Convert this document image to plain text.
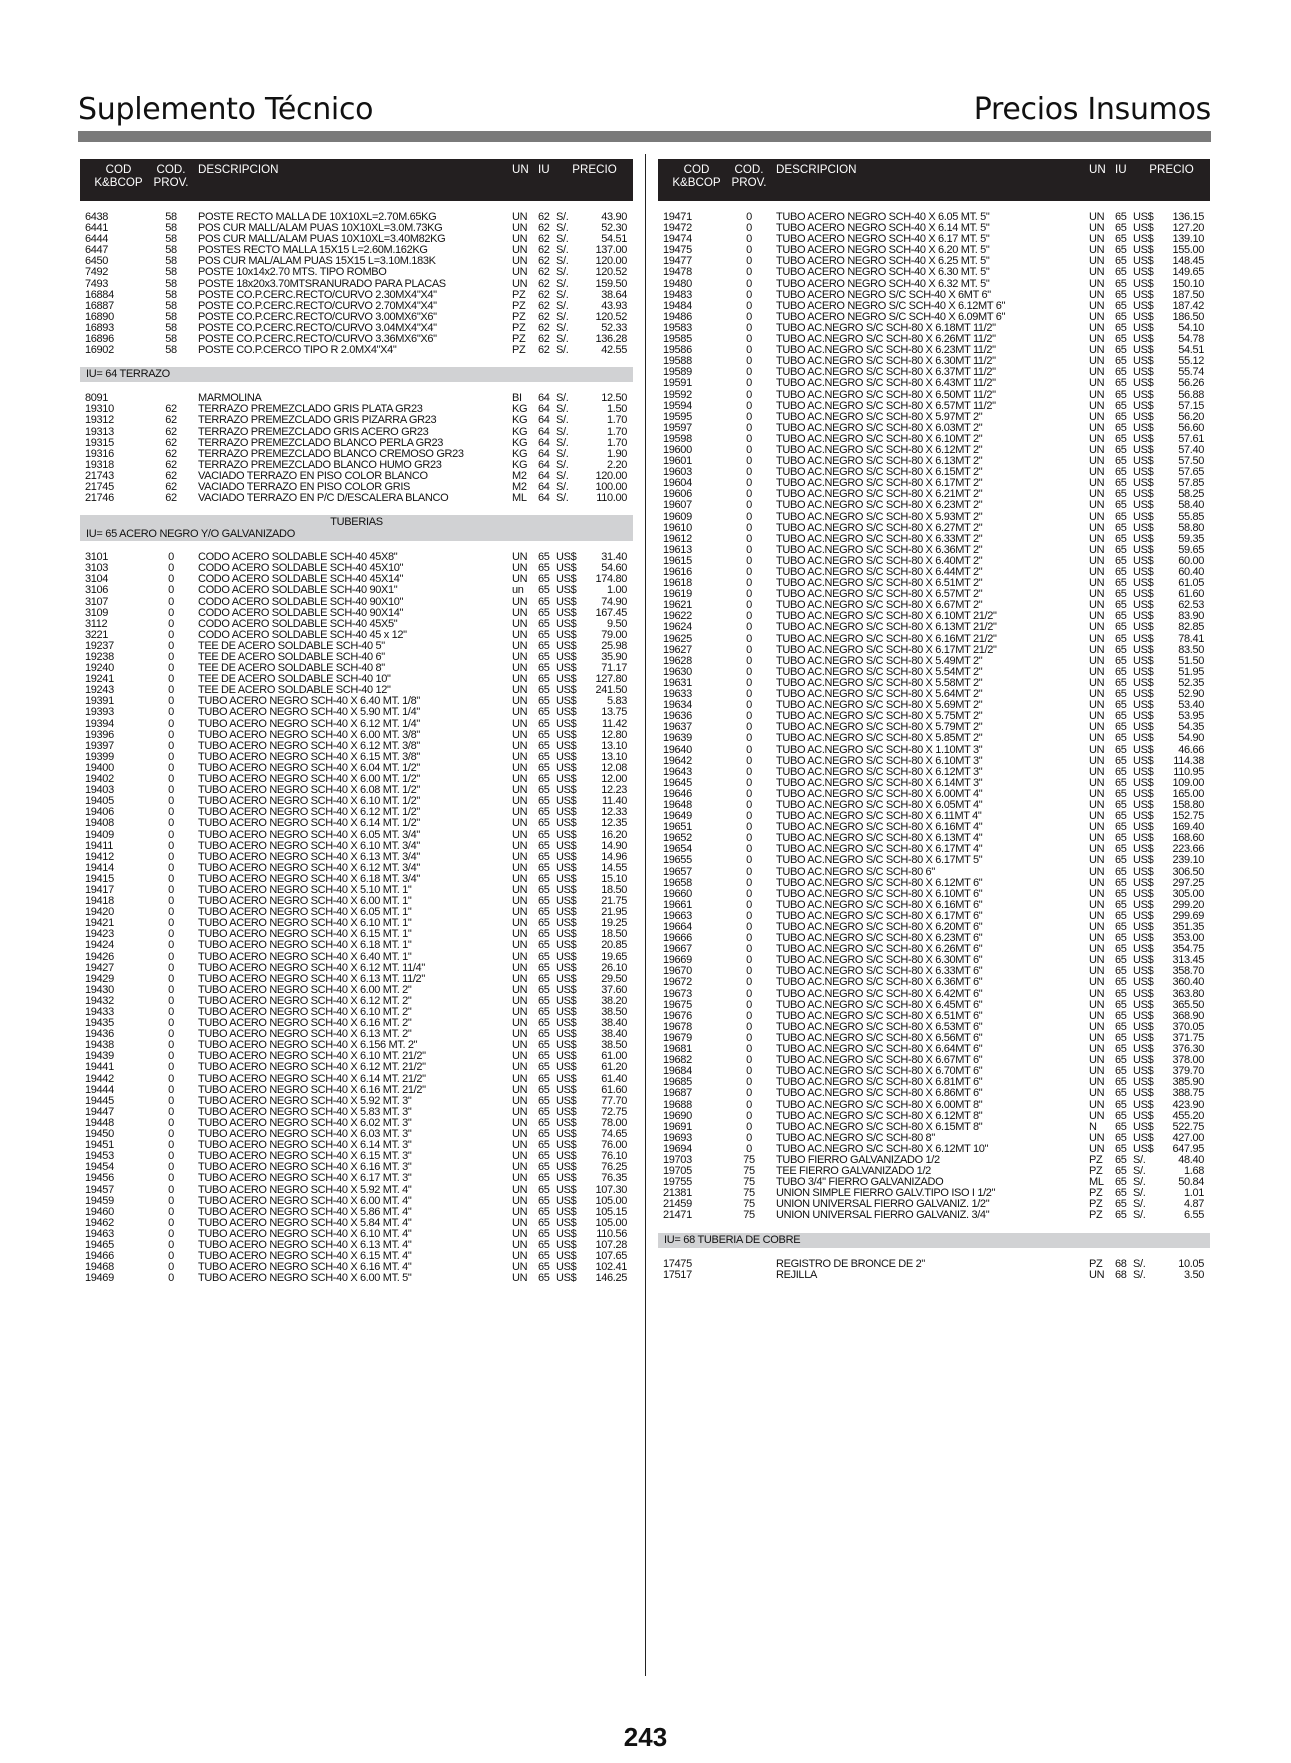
Suplemento Técnico	Precios Insumos
COD
K&BCOP
COD.
PROV.
DESCRIPCION	UN IU	PRECIO
6438	58	POSTE RECTO MALLA DE 10X10XL=2.70M.65KG	UN 62 S/.	43.90
6441	58	POS CUR MALL/ALAM PUAS 10X10XL=3.0M.73KG	UN 62 S/.	52.30
6444	58	POS CUR MALL/ALAM PUAS 10X10XL=3.40M82KG	UN 62 S/.	54.51
6447	58	POSTES RECTO MALLA 15X15 L=2.60M.162KG	UN 62 S/.	137.00
6450	58	POS CUR MAL/ALAM PUAS 15X15 L=3.10M.183K	UN 62 S/.	120.00
7492	58	POSTE 10x14x2.70 MTS. TIPO ROMBO	UN 62 S/.	120.52
7493	58	POSTE 18x20x3.70MTSRANURADO PARA PLACAS	UN 62 S/.	159.50
16884	58	POSTE CO.P.CERC.RECTO/CURVO 2.30MX4"X4"	PZ	62 S/.	38.64
16887	58	POSTE CO.P.CERC.RECTO/CURVO 2.70MX4"X4"	PZ	62 S/.	43.93
16890	58	POSTE CO.P.CERC.RECTO/CURVO 3.00MX6"X6"	PZ	62 S/.	120.52
16893	58	POSTE CO.P.CERC.RECTO/CURVO 3.04MX4"X4"	PZ	62 S/.	52.33
16896	58	POSTE CO.P.CERC.RECTO/CURVO 3.36MX6"X6"	PZ	62 S/.	136.28
16902	58	POSTE CO.P.CERCO TIPO R 2.0MX4"X4"	PZ	62 S/.	42.55
IU= 64 TERRAZO
8091	MARMOLINA	BI	64 S/.	12.50
19310	62	TERRAZO PREMEZCLADO GRIS PLATA GR23	KG 64 S/.	1.50
19312	62	TERRAZO PREMEZCLADO GRIS PIZARRA GR23	KG 64 S/.	1.70
19313	62	TERRAZO PREMEZCLADO GRIS ACERO GR23	KG 64 S/.	1.70
19315	62	TERRAZO PREMEZCLADO BLANCO PERLA GR23	KG 64 S/.	1.70
19316	62	TERRAZO PREMEZCLADO BLANCO CREMOSO GR23	KG 64 S/.	1.90
19318	62	TERRAZO PREMEZCLADO BLANCO HUMO GR23	KG 64 S/.	2.20
21743	62	VACIADO TERRAZO EN PISO COLOR BLANCO	M2	64 S/.	120.00
21745	62	VACIADO TERRAZO EN PISO COLOR GRIS	M2	64 S/.	100.00
21746	62	VACIADO TERRAZO EN P/C D/ESCALERA BLANCO	ML	64 S/.	110.00
TUBERIAS
IU= 65 ACERO NEGRO Y/O GALVANIZADO
3101	0	CODO ACERO SOLDABLE SCH-40 45X8"	UN 65 US$	31.40
3103	0	CODO ACERO SOLDABLE SCH-40 45X10"	UN 65 US$	54.60
3104	0	CODO ACERO SOLDABLE SCH-40 45X14"	UN 65 US$	174.80
3106	0	CODO ACERO SOLDABLE SCH-40 90X1"	un	65 US$	1.00
3107	0	CODO ACERO SOLDABLE SCH-40 90X10"	UN 65 US$	74.90
3109	0	CODO ACERO SOLDABLE SCH-40 90X14"	UN 65 US$	167.45
3112	0	CODO ACERO SOLDABLE SCH-40 45X5"	UN 65 US$	9.50
3221	0	CODO ACERO SOLDABLE SCH-40 45 x 12"	UN 65 US$	79.00
19237	0	TEE DE ACERO SOLDABLE SCH-40 5"	UN 65 US$	25.98
19238	0	TEE DE ACERO SOLDABLE SCH-40 6"	UN 65 US$	35.90
19240	0	TEE DE ACERO SOLDABLE SCH-40 8"	UN 65 US$	71.17
19241	0	TEE DE ACERO SOLDABLE SCH-40 10"	UN 65 US$	127.80
19243	0	TEE DE ACERO SOLDABLE SCH-40 12"	UN 65 US$	241.50
19391	0	TUBO ACERO NEGRO SCH-40 X 6.40 MT. 1/8"	UN 65 US$	5.83
19393	0	TUBO ACERO NEGRO SCH-40 X 5.90 MT. 1/4"	UN 65 US$	13.75
19394	0	TUBO ACERO NEGRO SCH-40 X 6.12 MT. 1/4"	UN 65 US$	11.42
19396	0	TUBO ACERO NEGRO SCH-40 X 6.00 MT. 3/8"	UN 65 US$	12.80
19397	0	TUBO ACERO NEGRO SCH-40 X 6.12 MT. 3/8"	UN 65 US$	13.10
19399	0	TUBO ACERO NEGRO SCH-40 X 6.15 MT. 3/8"	UN 65 US$	13.10
19400	0	TUBO ACERO NEGRO SCH-40 X 6.04 MT. 1/2"	UN 65 US$	12.08
19402	0	TUBO ACERO NEGRO SCH-40 X 6.00 MT. 1/2"	UN 65 US$	12.00
19403	0	TUBO ACERO NEGRO SCH-40 X 6.08 MT. 1/2"	UN 65 US$	12.23
19405	0	TUBO ACERO NEGRO SCH-40 X 6.10 MT. 1/2"	UN 65 US$	11.40
19406	0	TUBO ACERO NEGRO SCH-40 X 6.12 MT. 1/2"	UN 65 US$	12.33
19408	0	TUBO ACERO NEGRO SCH-40 X 6.14 MT. 1/2"	UN 65 US$	12.35
19409	0	TUBO ACERO NEGRO SCH-40 X 6.05 MT. 3/4"	UN 65 US$	16.20
19411	0	TUBO ACERO NEGRO SCH-40 X 6.10 MT. 3/4"	UN 65 US$	14.90
19412	0	TUBO ACERO NEGRO SCH-40 X 6.13 MT. 3/4"	UN 65 US$	14.96
19414	0	TUBO ACERO NEGRO SCH-40 X 6.12 MT. 3/4"	UN 65 US$	14.55
19415	0	TUBO ACERO NEGRO SCH-40 X 6.18 MT. 3/4"	UN 65 US$	15.10
19417	0	TUBO ACERO NEGRO SCH-40 X 5.10 MT. 1"	UN 65 US$	18.50
19418	0	TUBO ACERO NEGRO SCH-40 X 6.00 MT. 1"	UN 65 US$	21.75
19420	0	TUBO ACERO NEGRO SCH-40 X 6.05 MT. 1"	UN 65 US$	21.95
19421	0	TUBO ACERO NEGRO SCH-40 X 6.10 MT. 1"	UN 65 US$	19.25
19423	0	TUBO ACERO NEGRO SCH-40 X 6.15 MT. 1"	UN 65 US$	18.50
19424	0	TUBO ACERO NEGRO SCH-40 X 6.18 MT. 1"	UN 65 US$	20.85
19426	0	TUBO ACERO NEGRO SCH-40 X 6.40 MT. 1"	UN 65 US$	19.65
19427	0	TUBO ACERO NEGRO SCH-40 X 6.12 MT. 11/4"	UN 65 US$	26.10
19429	0	TUBO ACERO NEGRO SCH-40 X 6.13 MT. 11/2"	UN 65 US$	29.50
19430	0	TUBO ACERO NEGRO SCH-40 X 6.00 MT. 2"	UN 65 US$	37.60
19432	0	TUBO ACERO NEGRO SCH-40 X 6.12 MT. 2"	UN 65 US$	38.20
19433	0	TUBO ACERO NEGRO SCH-40 X 6.10 MT. 2"	UN 65 US$	38.50
19435	0	TUBO ACERO NEGRO SCH-40 X 6.16 MT. 2"	UN 65 US$	38.40
19436	0	TUBO ACERO NEGRO SCH-40 X 6.13 MT. 2"	UN 65 US$	38.40
19438	0	TUBO ACERO NEGRO SCH-40 X 6.156 MT. 2"	UN 65 US$	38.50
19439	0	TUBO ACERO NEGRO SCH-40 X 6.10 MT. 21/2"	UN 65 US$	61.00
19441	0	TUBO ACERO NEGRO SCH-40 X 6.12 MT. 21/2"	UN 65 US$	61.20
19442	0	TUBO ACERO NEGRO SCH-40 X 6.14 MT. 21/2"	UN 65 US$	61.40
19444	0	TUBO ACERO NEGRO SCH-40 X 6.16 MT. 21/2"	UN 65 US$	61.60
19445	0	TUBO ACERO NEGRO SCH-40 X 5.92 MT. 3"	UN 65 US$	77.70
19447	0	TUBO ACERO NEGRO SCH-40 X 5.83 MT. 3"	UN 65 US$	72.75
19448	0	TUBO ACERO NEGRO SCH-40 X 6.02 MT. 3"	UN 65 US$	78.00
19450	0	TUBO ACERO NEGRO SCH-40 X 6.03 MT. 3"	UN 65 US$	74.65
19451	0	TUBO ACERO NEGRO SCH-40 X 6.14 MT. 3"	UN 65 US$	76.00
19453	0	TUBO ACERO NEGRO SCH-40 X 6.15 MT. 3"	UN 65 US$	76.10
19454	0	TUBO ACERO NEGRO SCH-40 X 6.16 MT. 3"	UN 65 US$	76.25
19456	0	TUBO ACERO NEGRO SCH-40 X 6.17 MT. 3"	UN 65 US$	76.35
19457	0	TUBO ACERO NEGRO SCH-40 X 5.92 MT. 4"	UN 65 US$	107.30
19459	0	TUBO ACERO NEGRO SCH-40 X 6.00 MT. 4"	UN 65 US$	105.00
19460	0	TUBO ACERO NEGRO SCH-40 X 5.86 MT. 4"	UN 65 US$	105.15
19462	0	TUBO ACERO NEGRO SCH-40 X 5.84 MT. 4"	UN 65 US$	105.00
19463	0	TUBO ACERO NEGRO SCH-40 X 6.10 MT. 4"	UN 65 US$	110.56
19465	0	TUBO ACERO NEGRO SCH-40 X 6.13 MT. 4"	UN 65 US$	107.28
19466	0	TUBO ACERO NEGRO SCH-40 X 6.15 MT. 4"	UN 65 US$	107.65
19468	0	TUBO ACERO NEGRO SCH-40 X 6.16 MT. 4"	UN 65 US$	102.41
19469	0	TUBO ACERO NEGRO SCH-40 X 6.00 MT. 5"	UN 65 US$	146.25
COD
K&BCOP
COD.
PROV.
DESCRIPCION	UN IU	PRECIO
19471	0	TUBO ACERO NEGRO SCH-40 X 6.05 MT. 5"	UN 65 US$	136.15
19472	0	TUBO ACERO NEGRO SCH-40 X 6.14 MT. 5"	UN 65 US$	127.20
19474	0	TUBO ACERO NEGRO SCH-40 X 6.17 MT. 5"	UN 65 US$	139.10
19475	0	TUBO ACERO NEGRO SCH-40 X 6.20 MT. 5"	UN 65 US$	155.00
19477	0	TUBO ACERO NEGRO SCH-40 X 6.25 MT. 5"	UN 65 US$	148.45
19478	0	TUBO ACERO NEGRO SCH-40 X 6.30 MT. 5"	UN 65 US$	149.65
19480	0	TUBO ACERO NEGRO SCH-40 X 6.32 MT. 5"	UN 65 US$	150.10
19483	0	TUBO ACERO NEGRO S/C SCH-40 X 6MT 6"	UN 65 US$	187.50
19484	0	TUBO ACERO NEGRO S/C SCH-40 X 6.12MT 6"	UN 65 US$	187.42
19486	0	TUBO ACERO NEGRO S/C SCH-40 X 6.09MT 6"	UN 65 US$	186.50
19583	0	TUBO AC.NEGRO S/C SCH-80 X 6.18MT 11/2"	UN 65 US$	54.10
19585	0	TUBO AC.NEGRO S/C SCH-80 X 6.26MT 11/2"	UN 65 US$	54.78
19586	0	TUBO AC.NEGRO S/C SCH-80 X 6.23MT 11/2"	UN 65 US$	54.51
19588	0	TUBO AC.NEGRO S/C SCH-80 X 6.30MT 11/2"	UN 65 US$	55.12
19589	0	TUBO AC.NEGRO S/C SCH-80 X 6.37MT 11/2"	UN 65 US$	55.74
19591	0	TUBO AC.NEGRO S/C SCH-80 X 6.43MT 11/2"	UN 65 US$	56.26
19592	0	TUBO AC.NEGRO S/C SCH-80 X 6.50MT 11/2"	UN 65 US$	56.88
19594	0	TUBO AC.NEGRO S/C SCH-80 X 6.57MT 11/2"	UN 65 US$	57.15
19595	0	TUBO AC.NEGRO S/C SCH-80 X 5.97MT 2"	UN 65 US$	56.20
19597	0	TUBO AC.NEGRO S/C SCH-80 X 6.03MT 2"	UN 65 US$	56.60
19598	0	TUBO AC.NEGRO S/C SCH-80 X 6.10MT 2"	UN 65 US$	57.61
19600	0	TUBO AC.NEGRO S/C SCH-80 X 6.12MT 2"	UN 65 US$	57.40
19601	0	TUBO AC.NEGRO S/C SCH-80 X 6.13MT 2"	UN 65 US$	57.50
19603	0	TUBO AC.NEGRO S/C SCH-80 X 6.15MT 2"	UN 65 US$	57.65
19604	0	TUBO AC.NEGRO S/C SCH-80 X 6.17MT 2"	UN 65 US$	57.85
19606	0	TUBO AC.NEGRO S/C SCH-80 X 6.21MT 2"	UN 65 US$	58.25
19607	0	TUBO AC.NEGRO S/C SCH-80 X 6.23MT 2"	UN 65 US$	58.40
19609	0	TUBO AC.NEGRO S/C SCH-80 X 5.93MT 2"	UN 65 US$	55.85
19610	0	TUBO AC.NEGRO S/C SCH-80 X 6.27MT 2"	UN 65 US$	58.80
19612	0	TUBO AC.NEGRO S/C SCH-80 X 6.33MT 2"	UN 65 US$	59.35
19613	0	TUBO AC.NEGRO S/C SCH-80 X 6.36MT 2"	UN 65 US$	59.65
19615	0	TUBO AC.NEGRO S/C SCH-80 X 6.40MT 2"	UN 65 US$	60.00
19616	0	TUBO AC.NEGRO S/C SCH-80 X 6.44MT 2"	UN 65 US$	60.40
19618	0	TUBO AC.NEGRO S/C SCH-80 X 6.51MT 2"	UN 65 US$	61.05
19619	0	TUBO AC.NEGRO S/C SCH-80 X 6.57MT 2"	UN 65 US$	61.60
19621	0	TUBO AC.NEGRO S/C SCH-80 X 6.67MT 2"	UN 65 US$	62.53
19622	0	TUBO AC.NEGRO S/C SCH-80 X 6.10MT 21/2"	UN 65 US$	83.90
19624	0	TUBO AC.NEGRO S/C SCH-80 X 6.13MT 21/2"	UN 65 US$	82.85
19625	0	TUBO AC.NEGRO S/C SCH-80 X 6.16MT 21/2"	UN 65 US$	78.41
19627	0	TUBO AC.NEGRO S/C SCH-80 X 6.17MT 21/2"	UN 65 US$	83.50
19628	0	TUBO AC.NEGRO S/C SCH-80 X 5.49MT 2"	UN 65 US$	51.50
19630	0	TUBO AC.NEGRO S/C SCH-80 X 5.54MT 2"	UN 65 US$	51.95
19631	0	TUBO AC.NEGRO S/C SCH-80 X 5.58MT 2"	UN 65 US$	52.35
19633	0	TUBO AC.NEGRO S/C SCH-80 X 5.64MT 2"	UN 65 US$	52.90
19634	0	TUBO AC.NEGRO S/C SCH-80 X 5.69MT 2"	UN 65 US$	53.40
19636	0	TUBO AC.NEGRO S/C SCH-80 X 5.75MT 2"	UN 65 US$	53.95
19637	0	TUBO AC.NEGRO S/C SCH-80 X 5.79MT 2"	UN 65 US$	54.35
19639	0	TUBO AC.NEGRO S/C SCH-80 X 5.85MT 2"	UN 65 US$	54.90
19640	0	TUBO AC.NEGRO S/C SCH-80 X 1.10MT 3"	UN 65 US$	46.66
19642	0	TUBO AC.NEGRO S/C SCH-80 X 6.10MT 3"	UN 65 US$	114.38
19643	0	TUBO AC.NEGRO S/C SCH-80 X 6.12MT 3"	UN 65 US$	110.95
19645	0	TUBO AC.NEGRO S/C SCH-80 X 6.14MT 3"	UN 65 US$	109.00
19646	0	TUBO AC.NEGRO S/C SCH-80 X 6.00MT 4"	UN 65 US$	165.00
19648	0	TUBO AC.NEGRO S/C SCH-80 X 6.05MT 4"	UN 65 US$	158.80
19649	0	TUBO AC.NEGRO S/C SCH-80 X 6.11MT 4"	UN 65 US$	152.75
19651	0	TUBO AC.NEGRO S/C SCH-80 X 6.16MT 4"	UN 65 US$	169.40
19652	0	TUBO AC.NEGRO S/C SCH-80 X 6.13MT 4"	UN 65 US$	168.60
19654	0	TUBO AC.NEGRO S/C SCH-80 X 6.17MT 4"	UN 65 US$	223.66
19655	0	TUBO AC.NEGRO S/C SCH-80 X 6.17MT 5"	UN 65 US$	239.10
19657	0	TUBO AC.NEGRO S/C SCH-80 6"	UN 65 US$	306.50
19658	0	TUBO AC.NEGRO S/C SCH-80 X 6.12MT 6"	UN 65 US$	297.25
19660	0	TUBO AC.NEGRO S/C SCH-80 X 6.10MT 6"	UN 65 US$	305.00
19661	0	TUBO AC.NEGRO S/C SCH-80 X 6.16MT 6"	UN 65 US$	299.20
19663	0	TUBO AC.NEGRO S/C SCH-80 X 6.17MT 6"	UN 65 US$	299.69
19664	0	TUBO AC.NEGRO S/C SCH-80 X 6.20MT 6"	UN 65 US$	351.35
19666	0	TUBO AC.NEGRO S/C SCH-80 X 6.23MT 6"	UN 65 US$	353.00
19667	0	TUBO AC.NEGRO S/C SCH-80 X 6.26MT 6"	UN 65 US$	354.75
19669	0	TUBO AC.NEGRO S/C SCH-80 X 6.30MT 6"	UN 65 US$	313.45
19670	0	TUBO AC.NEGRO S/C SCH-80 X 6.33MT 6"	UN 65 US$	358.70
19672	0	TUBO AC.NEGRO S/C SCH-80 X 6.36MT 6"	UN 65 US$	360.40
19673	0	TUBO AC.NEGRO S/C SCH-80 X 6.42MT 6"	UN 65 US$	363.80
19675	0	TUBO AC.NEGRO S/C SCH-80 X 6.45MT 6"	UN 65 US$	365.50
19676	0	TUBO AC.NEGRO S/C SCH-80 X 6.51MT 6"	UN 65 US$	368.90
19678	0	TUBO AC.NEGRO S/C SCH-80 X 6.53MT 6"	UN 65 US$	370.05
19679	0	TUBO AC.NEGRO S/C SCH-80 X 6.56MT 6"	UN 65 US$	371.75
19681	0	TUBO AC.NEGRO S/C SCH-80 X 6.64MT 6"	UN 65 US$	376.30
19682	0	TUBO AC.NEGRO S/C SCH-80 X 6.67MT 6"	UN 65 US$	378.00
19684	0	TUBO AC.NEGRO S/C SCH-80 X 6.70MT 6"	UN 65 US$	379.70
19685	0	TUBO AC.NEGRO S/C SCH-80 X 6.81MT 6"	UN 65 US$	385.90
19687	0	TUBO AC.NEGRO S/C SCH-80 X 6.86MT 6"	UN 65 US$	388.75
19688	0	TUBO AC.NEGRO S/C SCH-80 X 6.00MT 8"	UN 65 US$	423.90
19690	0	TUBO AC.NEGRO S/C SCH-80 X 6.12MT 8"	UN 65 US$	455.20
19691	0	TUBO AC.NEGRO S/C SCH-80 X 6.15MT 8"	N	65 US$	522.75
19693	0	TUBO AC.NEGRO S/C SCH-80 8"	UN 65 US$	427.00
19694	0	TUBO AC.NEGRO S/C SCH-80 X 6.12MT 10"	UN 65 US$	647.95
19703	75	TUBO FIERRO GALVANIZADO 1/2	PZ	65 S/.	48.40
19705	75	TEE FIERRO GALVANIZADO 1/2	PZ	65 S/.	1.68
19755	75	TUBO 3/4" FIERRO GALVANIZADO	ML	65 S/.	50.84
21381	75	UNION SIMPLE FIERRO GALV.TIPO ISO I 1/2"	PZ	65 S/.	1.01
21459	75	UNION UNIVERSAL FIERRO GALVANIZ. 1/2"	PZ	65 S/.	4.87
21471	75	UNION UNIVERSAL FIERRO GALVANIZ. 3/4"	PZ	65 S/.	6.55
IU= 68 TUBERIA DE COBRE
17475	REGISTRO DE BRONCE DE 2"	PZ	68 S/.	10.05
17517	REJILLA	UN 68 S/.	3.50
243
